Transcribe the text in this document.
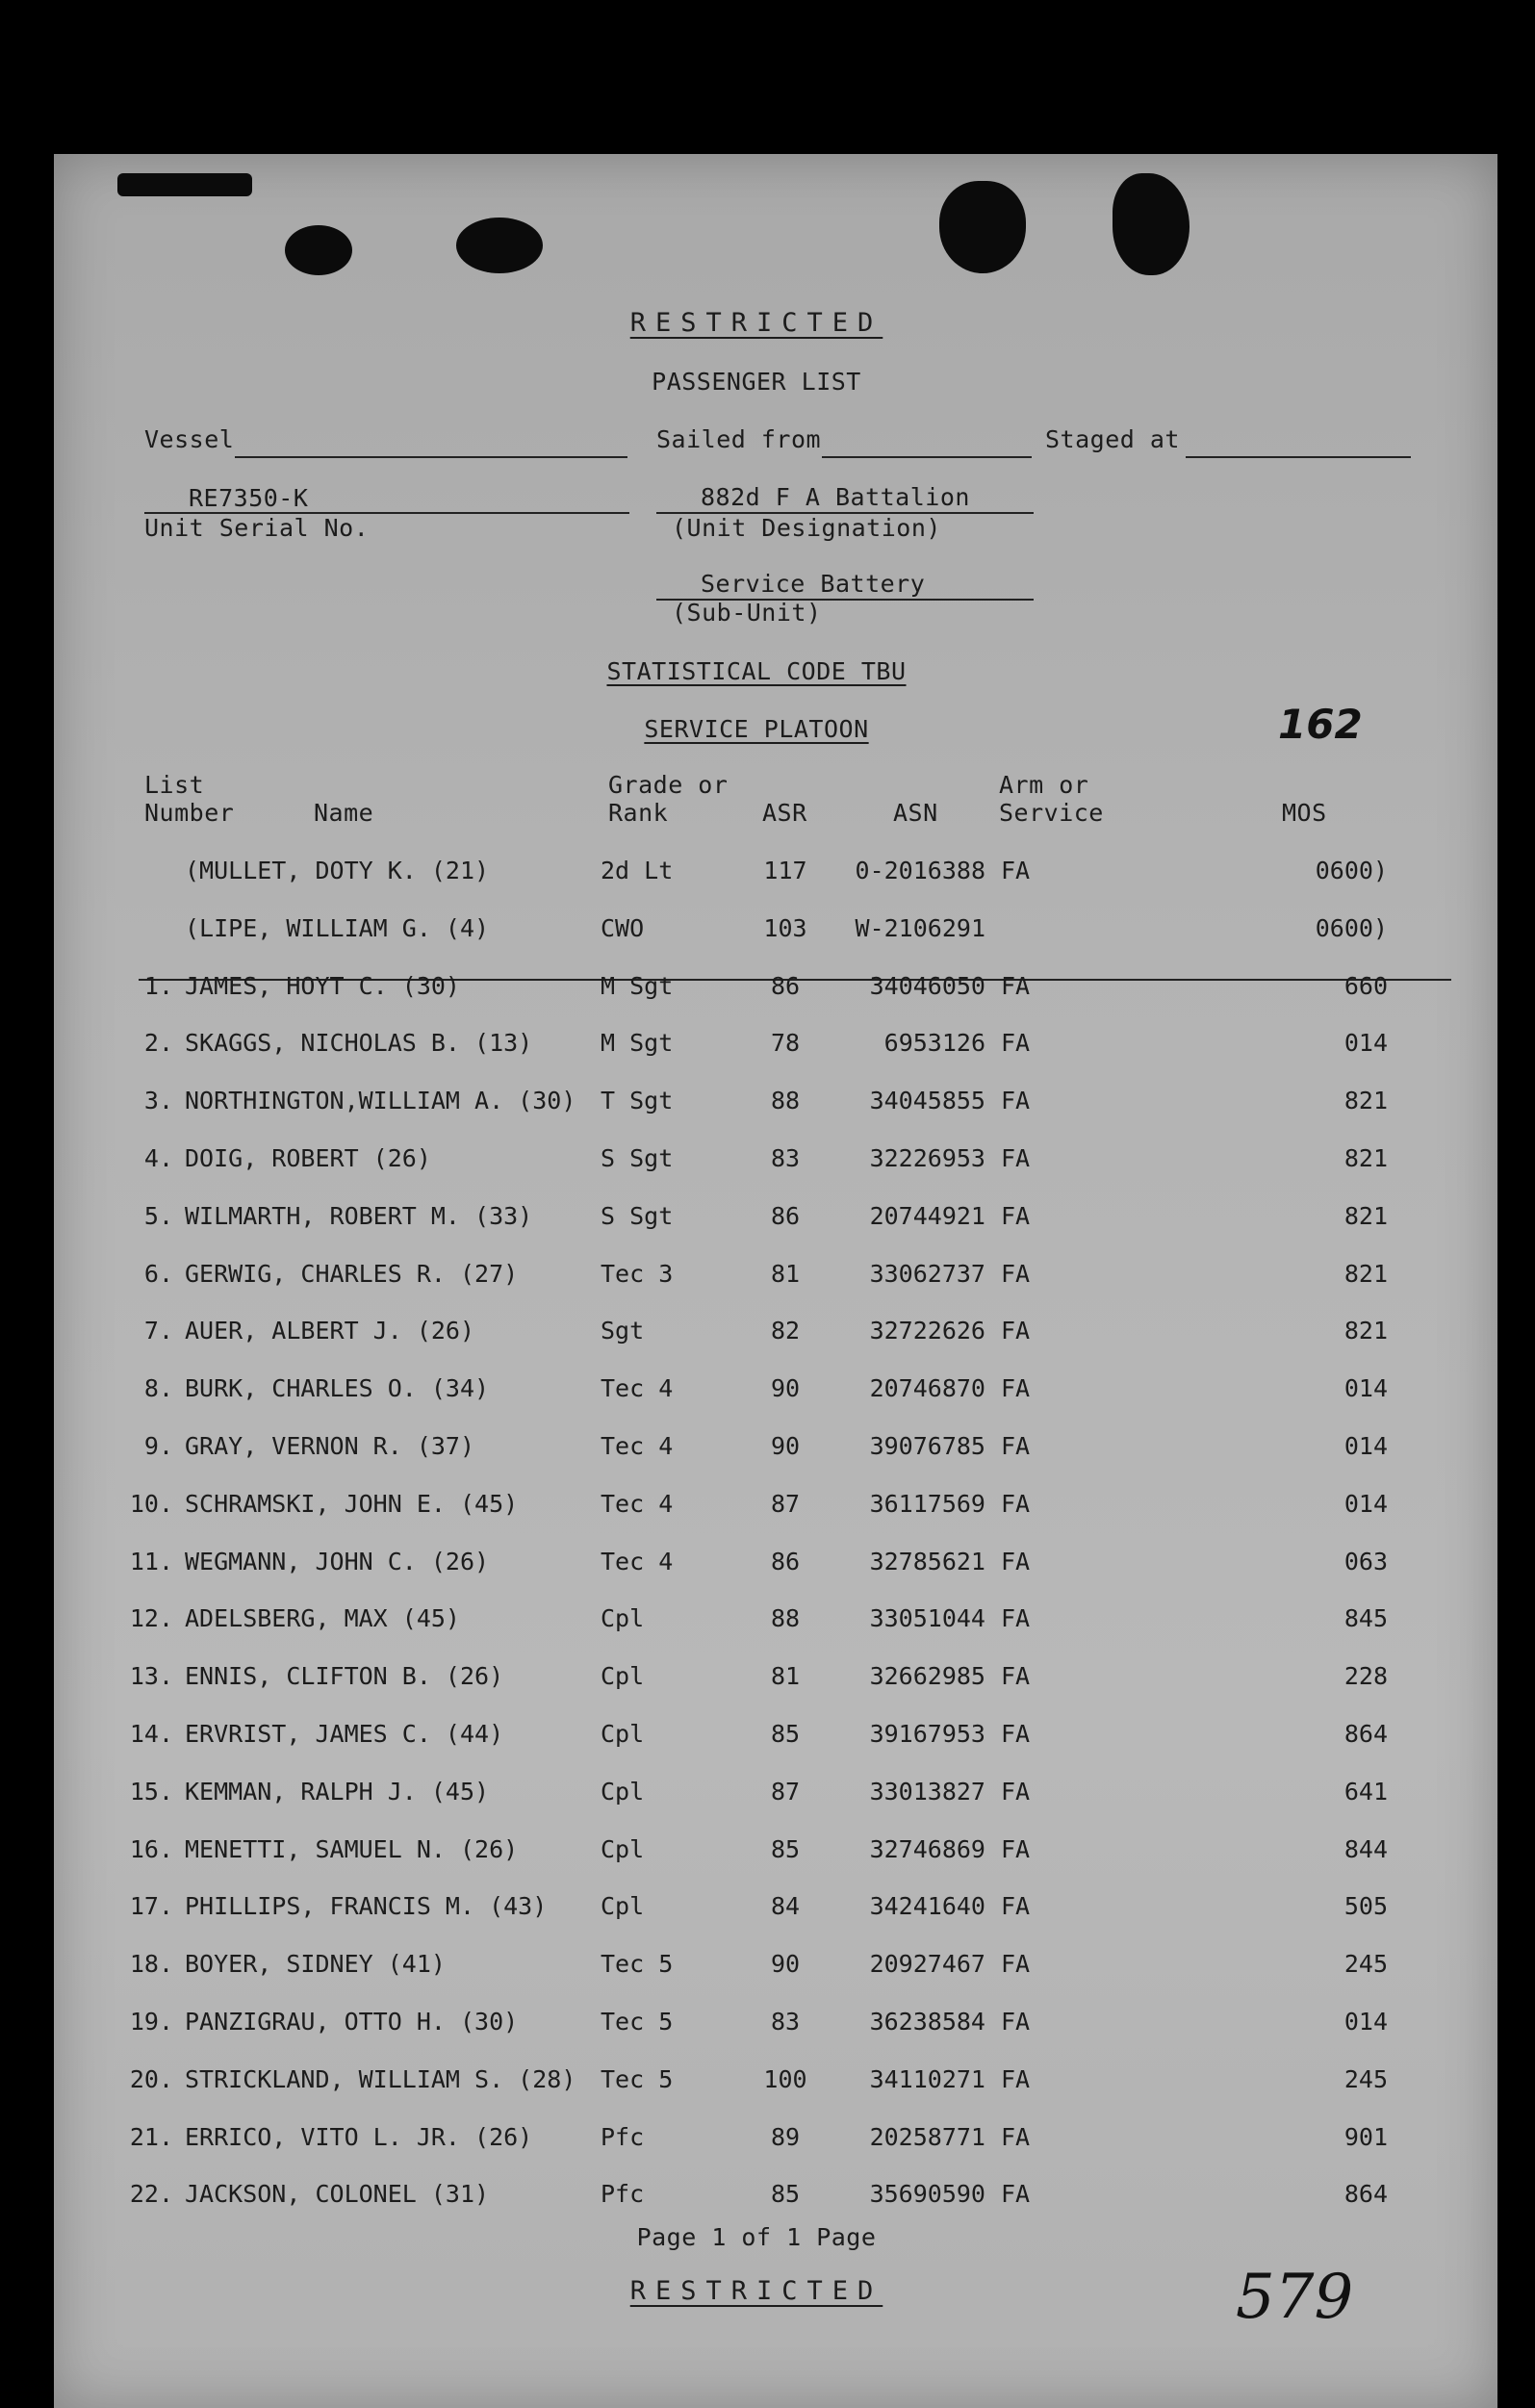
RESTRICTED
PASSENGER LIST
Vessel	Sailed from	Staged at
RE7350-K
Unit Serial No.
882d F A Battalion
(Unit Designation)
Service Battery
(Sub-Unit)
STATISTICAL CODE TBU
SERVICE PLATOON	162
List
Number	Name
Grade or
Rank	ASR	ASN
Arm or
Service	MOS
(MULLET, DOTY K. (21)	2d Lt	117	0-2016388 FA	0600)
(LIPE, WILLIAM G. (4)	CWO	103	W-2106291	0600)
1. JAMES, HOYT C. (30)	M Sgt	86	34046050 FA	660
2. SKAGGS, NICHOLAS B. (13)	M Sgt	78	6953126 FA	014
3. NORTHINGTON,WILLIAM A. (30)	T Sgt	88	34045855 FA	821
4. DOIG, ROBERT (26)	S Sgt	83	32226953 FA	821
5. WILMARTH, ROBERT M. (33)	S Sgt	86	20744921 FA	821
6. GERWIG, CHARLES R. (27)	Tec 3	81	33062737 FA	821
7. AUER, ALBERT J. (26)	Sgt	82	32722626 FA	821
8. BURK, CHARLES O. (34)	Tec 4	90	20746870 FA	014
9. GRAY, VERNON R. (37)	Tec 4	90	39076785 FA	014
10. SCHRAMSKI, JOHN E. (45)	Tec 4	87	36117569 FA	014
11. WEGMANN, JOHN C. (26)	Tec 4	86	32785621 FA	063
12. ADELSBERG, MAX (45)	Cpl	88	33051044 FA	845
13. ENNIS, CLIFTON B. (26)	Cpl	81	32662985 FA	228
14. ERVRIST, JAMES C. (44)	Cpl	85	39167953 FA	864
15. KEMMAN, RALPH J. (45)	Cpl	87	33013827 FA	641
16. MENETTI, SAMUEL N. (26)	Cpl	85	32746869 FA	844
17. PHILLIPS, FRANCIS M. (43)	Cpl	84	34241640 FA	505
18. BOYER, SIDNEY (41)	Tec 5	90	20927467 FA	245
19. PANZIGRAU, OTTO H. (30)	Tec 5	83	36238584 FA	014
20. STRICKLAND, WILLIAM S. (28)	Tec 5	100	34110271 FA	245
21. ERRICO, VITO L. JR. (26)	Pfc	89	20258771 FA	901
22. JACKSON, COLONEL (31)	Pfc	85	35690590 FA	864
Page 1 of 1 Page
RESTRICTED	579
